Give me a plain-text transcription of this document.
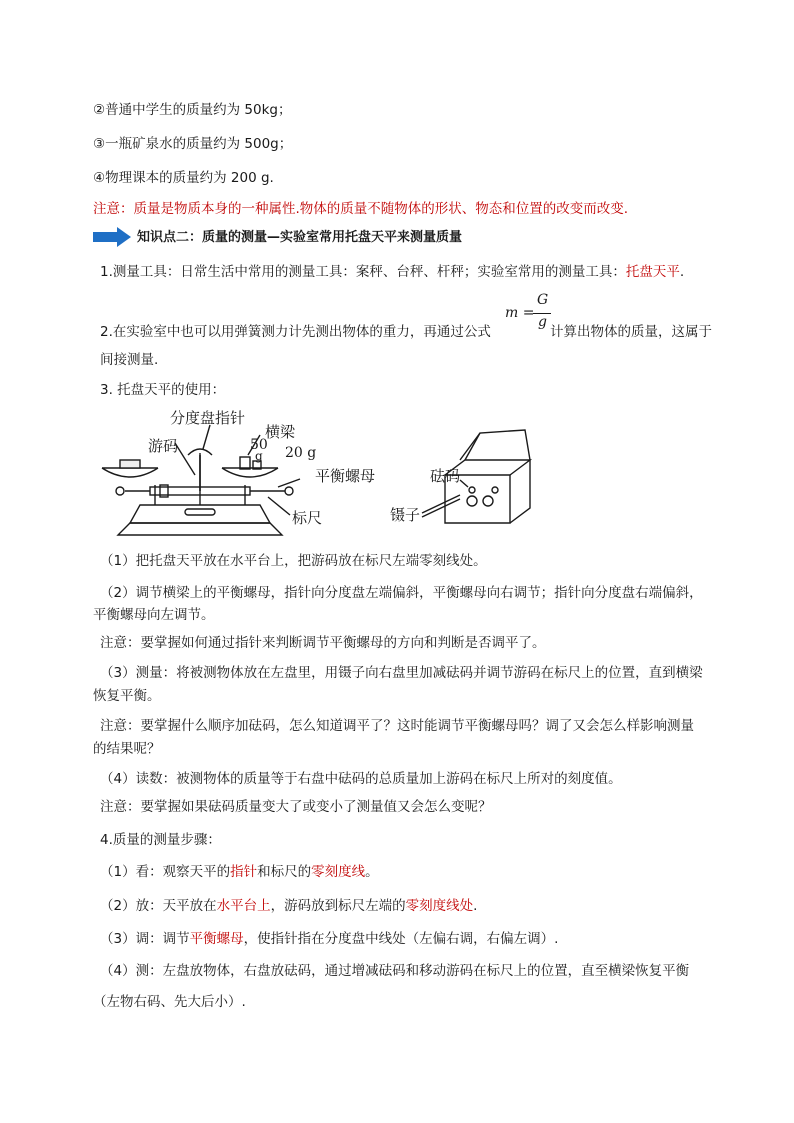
②普通中学生的质量约为 50kg；
③一瓶矿泉水的质量约为 500g；
④物理课本的质量约为 200 g.
注意：质量是物质本身的一种属性.物体的质量不随物体的形状、物态和位置的改变而改变.
知识点二：质量的测量—实验室常用托盘天平来测量质量
1.测量工具：日常生活中常用的测量工具：案秤、台秤、杆秤；实验室常用的测量工具：托盘天平.
2.在实验室中也可以用弹簧测力计先测出物体的重力，再通过公式
m =
G
g
计算出物体的质量，这属于
间接测量.
3. 托盘天平的使用：
分度盘指针
游码
横梁
50
g 20 g
平衡螺母
标尺
砝码
镊子
（1）把托盘天平放在水平台上，把游码放在标尺左端零刻线处。
（2）调节横梁上的平衡螺母，指针向分度盘左端偏斜，平衡螺母向右调节；指针向分度盘右端偏斜，
平衡螺母向左调节。
注意：要掌握如何通过指针来判断调节平衡螺母的方向和判断是否调平了。
（3）测量：将被测物体放在左盘里，用镊子向右盘里加减砝码并调节游码在标尺上的位置，直到横梁
恢复平衡。
注意：要掌握什么顺序加砝码，怎么知道调平了？这时能调节平衡螺母吗？调了又会怎么样影响测量
的结果呢？
（4）读数：被测物体的质量等于右盘中砝码的总质量加上游码在标尺上所对的刻度值。
注意：要掌握如果砝码质量变大了或变小了测量值又会怎么变呢？
4.质量的测量步骤：
（1）看：观察天平的指针和标尺的零刻度线。
（2）放：天平放在水平台上，游码放到标尺左端的零刻度线处.
（3）调：调节平衡螺母，使指针指在分度盘中线处（左偏右调，右偏左调）.
（4）测：左盘放物体，右盘放砝码，通过增减砝码和移动游码在标尺上的位置，直至横梁恢复平衡
（左物右码、先大后小）.
